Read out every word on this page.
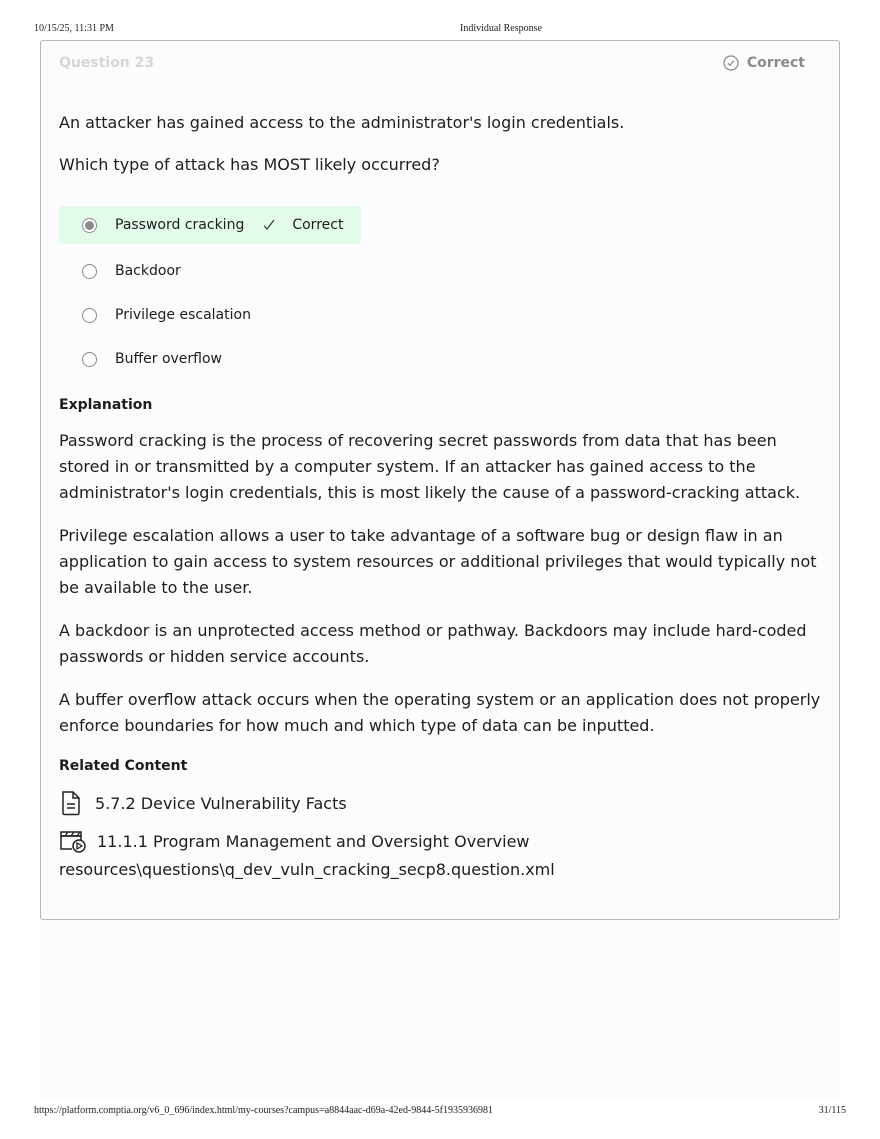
10/15/25, 11:31 PM	Individual Response
Question 23	Correct
An attacker has gained access to the administrator's login credentials.
Which type of attack has MOST likely occurred?
Password cracking	Correct
Backdoor
Privilege escalation
Buffer overflow
Explanation
Password cracking is the process of recovering secret passwords from data that has been stored in or transmitted by a computer system. If an attacker has gained access to the administrator's login credentials, this is most likely the cause of a password-cracking attack.
Privilege escalation allows a user to take advantage of a software bug or design flaw in an application to gain access to system resources or additional privileges that would typically not be available to the user.
A backdoor is an unprotected access method or pathway. Backdoors may include hard-coded passwords or hidden service accounts.
A buffer overflow attack occurs when the operating system or an application does not properly enforce boundaries for how much and which type of data can be inputted.
Related Content
5.7.2 Device Vulnerability Facts
11.1.1 Program Management and Oversight Overview
resources\questions\q_dev_vuln_cracking_secp8.question.xml
https://platform.comptia.org/v6_0_696/index.html/my-courses?campus=a8844aac-d69a-42ed-9844-5f1935936981	31/115
